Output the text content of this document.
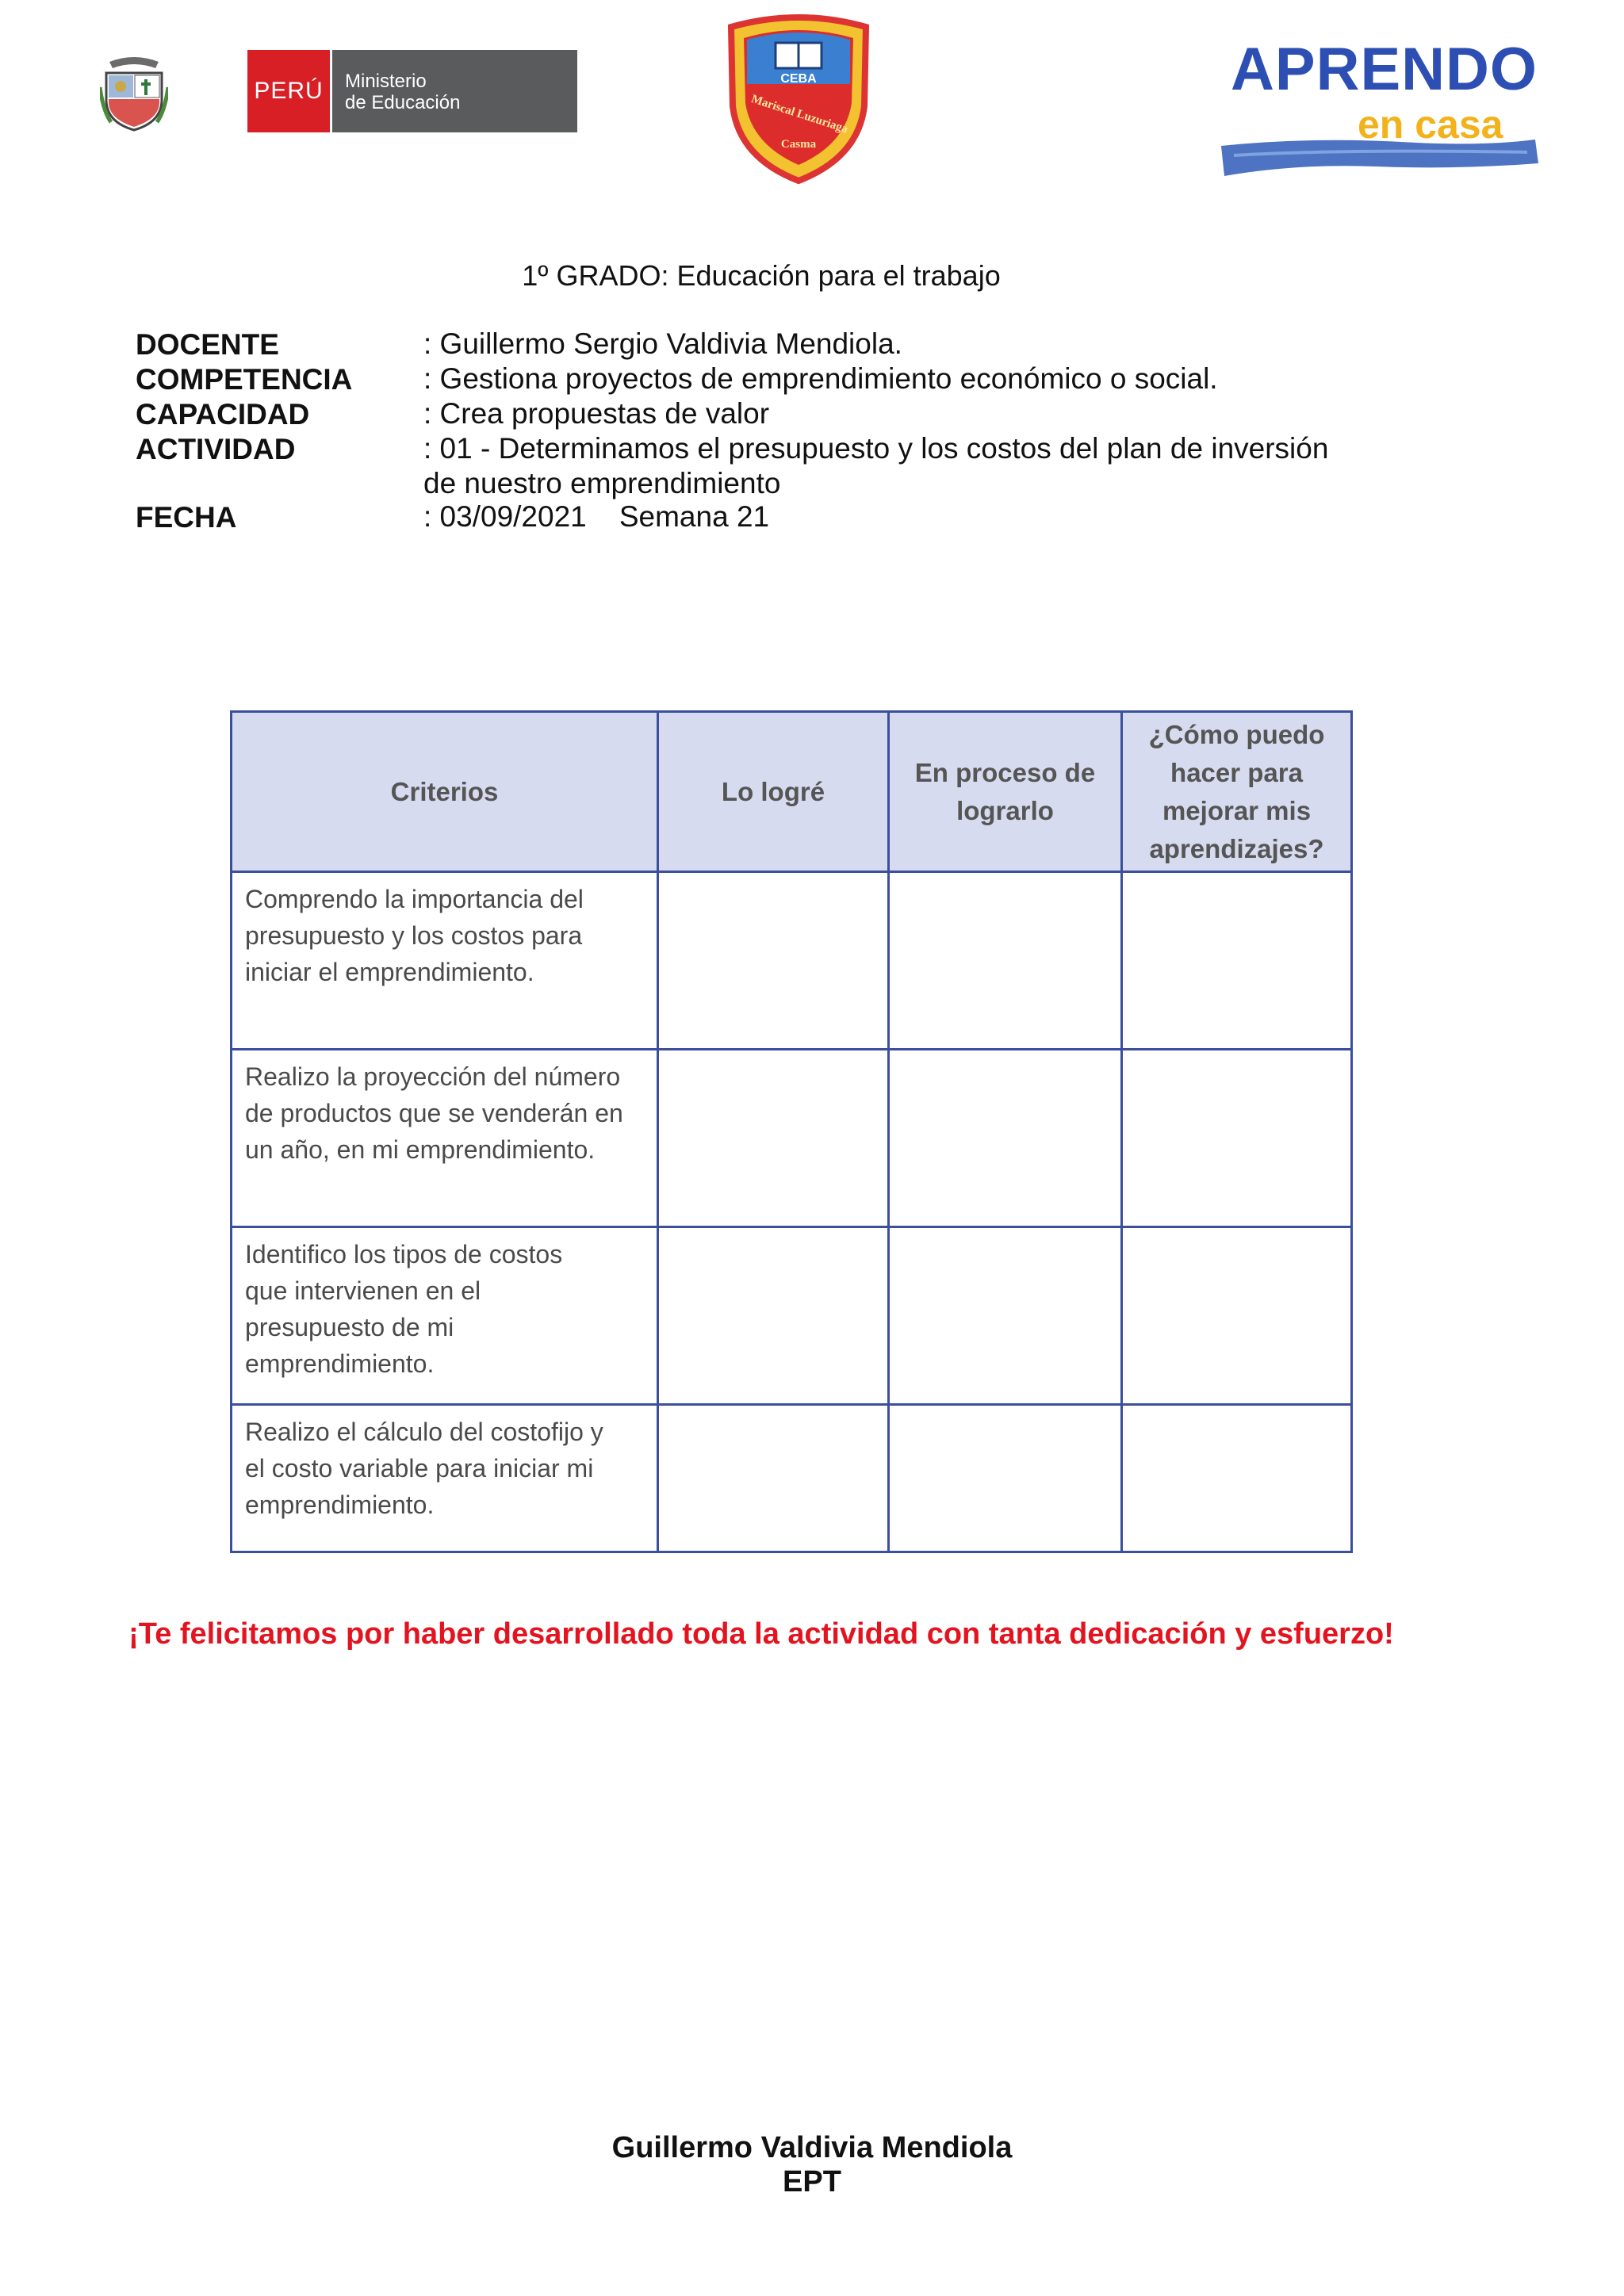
PERÚ	Ministerio
de Educación
CEBA
Mariscal Luzuriaga
Casma
APRENDO
en casa
1º GRADO: Educación para el trabajo
DOCENTE	: Guillermo Sergio Valdivia Mendiola.
COMPETENCIA : Gestiona proyectos de emprendimiento económico o social.
CAPACIDAD	: Crea propuestas de valor
ACTIVIDAD	: 01 - Determinamos el presupuesto y los costos del plan de inversión
de nuestro emprendimiento
FECHA	: 03/09/2021    Semana 21
Criterios	Lo logré	En proceso de lograrlo	¿Cómo puedo hacer para mejorar mis aprendizajes?

Comprendo la importancia del presupuesto y los costos para iniciar el emprendimiento.			

Realizo la proyección del número de productos que se venderán en un año, en mi emprendimiento.			

Identifico los tipos de costos que intervienen en el presupuesto de mi emprendimiento.			

Realizo el cálculo del costofijo y el costo variable para iniciar mi emprendimiento.			

¡Te felicitamos por haber desarrollado toda la actividad con tanta dedicación y esfuerzo!
Guillermo Valdivia Mendiola
EPT
